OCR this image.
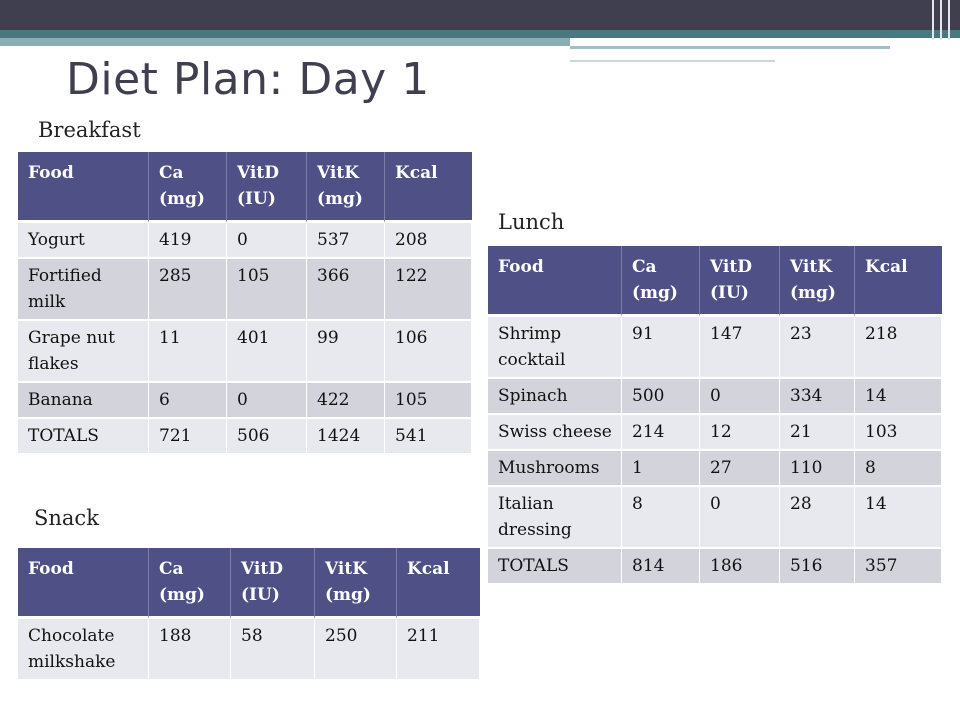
Diet Plan: Day 1
Breakfast
Food	Ca (mg)	VitD (IU)	VitK (mg)	Kcal
Yogurt	419	0	537	208
Fortified milk	285	105	366	122
Grape nut flakes	11	401	99	106
Banana	6	0	422	105
TOTALS	721	506	1424	541
Lunch
Food	Ca (mg)	VitD (IU)	VitK (mg)	Kcal
Shrimp cocktail	91	147	23	218
Spinach	500	0	334	14
Swiss cheese	214	12	21	103
Mushrooms	1	27	110	8
Italian dressing	8	0	28	14
TOTALS	814	186	516	357
Snack
Food	Ca (mg)	VitD (IU)	VitK (mg)	Kcal
Chocolate milkshake	188	58	250	211
